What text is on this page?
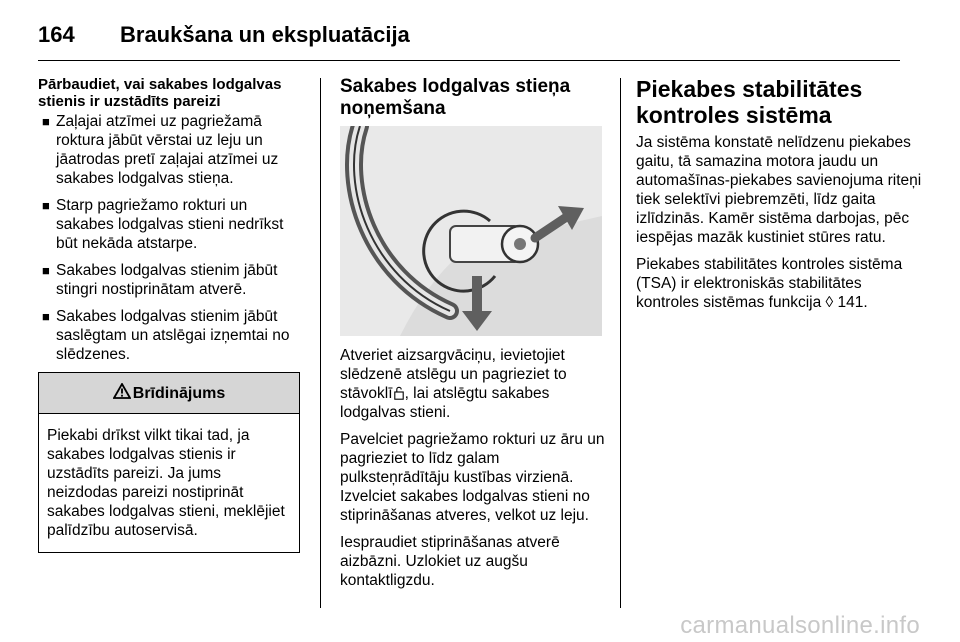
164	Braukšana un ekspluatācija
Pārbaudiet, vai sakabes lodgalvas stienis ir uzstādīts pareizi
■ Zaļajai atzīmei uz pagriežamā roktura jābūt vērstai uz leju un jāatrodas pretī zaļajai atzīmei uz sakabes lodgalvas stieņa.
■ Starp pagriežamo rokturi un sakabes lodgalvas stieni nedrīkst būt nekāda atstarpe.
■ Sakabes lodgalvas stienim jābūt stingri nostiprinātam atverē.
■ Sakabes lodgalvas stienim jābūt saslēgtam un atslēgai izņemtai no slēdzenes.
Brīdinājums
Piekabi drīkst vilkt tikai tad, ja sakabes lodgalvas stienis ir uzstādīts pareizi. Ja jums neizdodas pareizi nostiprināt sakabes lodgalvas stieni, meklējiet palīdzību autoservisā.
Sakabes lodgalvas stieņa noņemšana

Atveriet aizsargvāciņu, ievietojiet slēdzenē atslēgu un pagrieziet to stāvoklī , lai atslēgtu sakabes lodgalvas stieni.

Pavelciet pagriežamo rokturi uz āru un pagrieziet to līdz galam pulksteņrādītāju kustības virzienā. Izvelciet sakabes lodgalvas stieni no stiprināšanas atveres, velkot uz leju.

Iespraudiet stiprināšanas atverē aizbāzni. Uzlokiet uz augšu kontaktligzdu.

Piekabes stabilitātes kontroles sistēma

Ja sistēma konstatē nelīdzenu piekabes gaitu, tā samazina motora jaudu un automašīnas-piekabes savienojuma riteņi tiek selektīvi piebremzēti, līdz gaita izlīdzinās. Kamēr sistēma darbojas, pēc iespējas mazāk kustiniet stūres ratu.

Piekabes stabilitātes kontroles sistēma (TSA) ir elektroniskās stabilitātes kontroles sistēmas funkcija ◊ 141.

carmanualsonline.info
